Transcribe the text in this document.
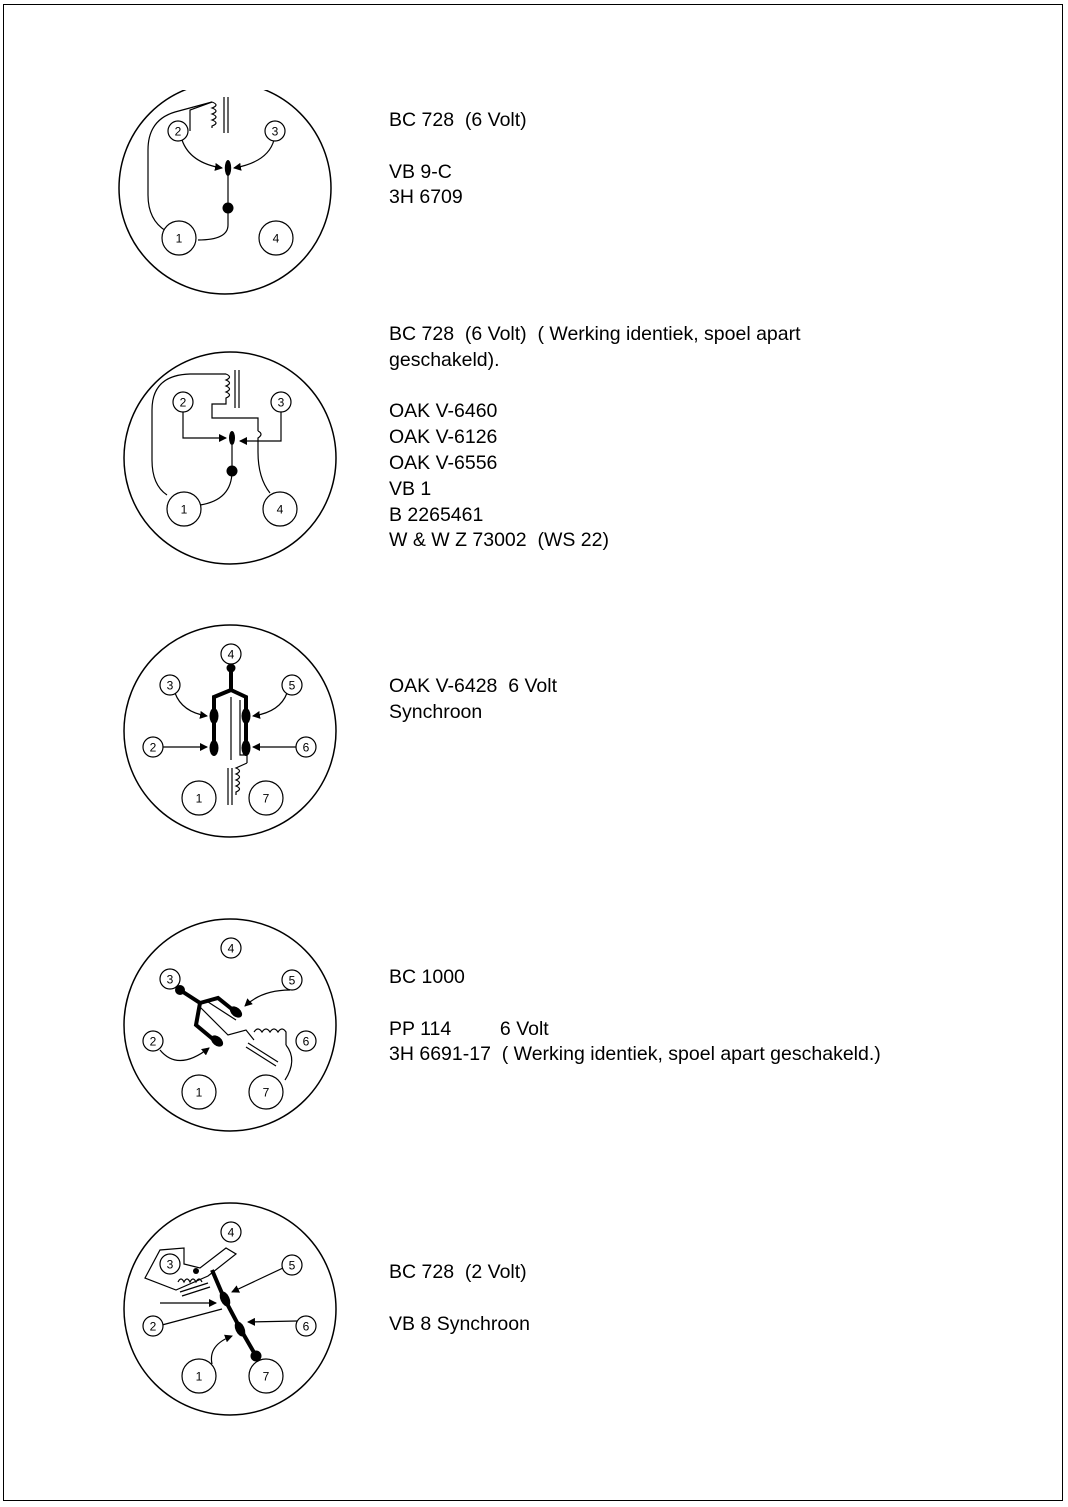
2	3
1	4
BC 728  (6 Volt)
VB 9-C
3H 6709
2	3
1	4
BC 728  (6 Volt)  ( Werking identiek, spoel apart
geschakeld).
OAK V-6460
OAK V-6126
OAK V-6556
VB 1
B 2265461
W & W Z 73002  (WS 22)
4
3	5
2	6
1	7
OAK V-6428  6 Volt
Synchroon
4
3	5
2	6
1	7
BC 1000
PP 114         6 Volt
3H 6691-17  ( Werking identiek, spoel apart geschakeld.)
4
3	5
2	6
1	7
BC 728  (2 Volt)
VB 8 Synchroon
